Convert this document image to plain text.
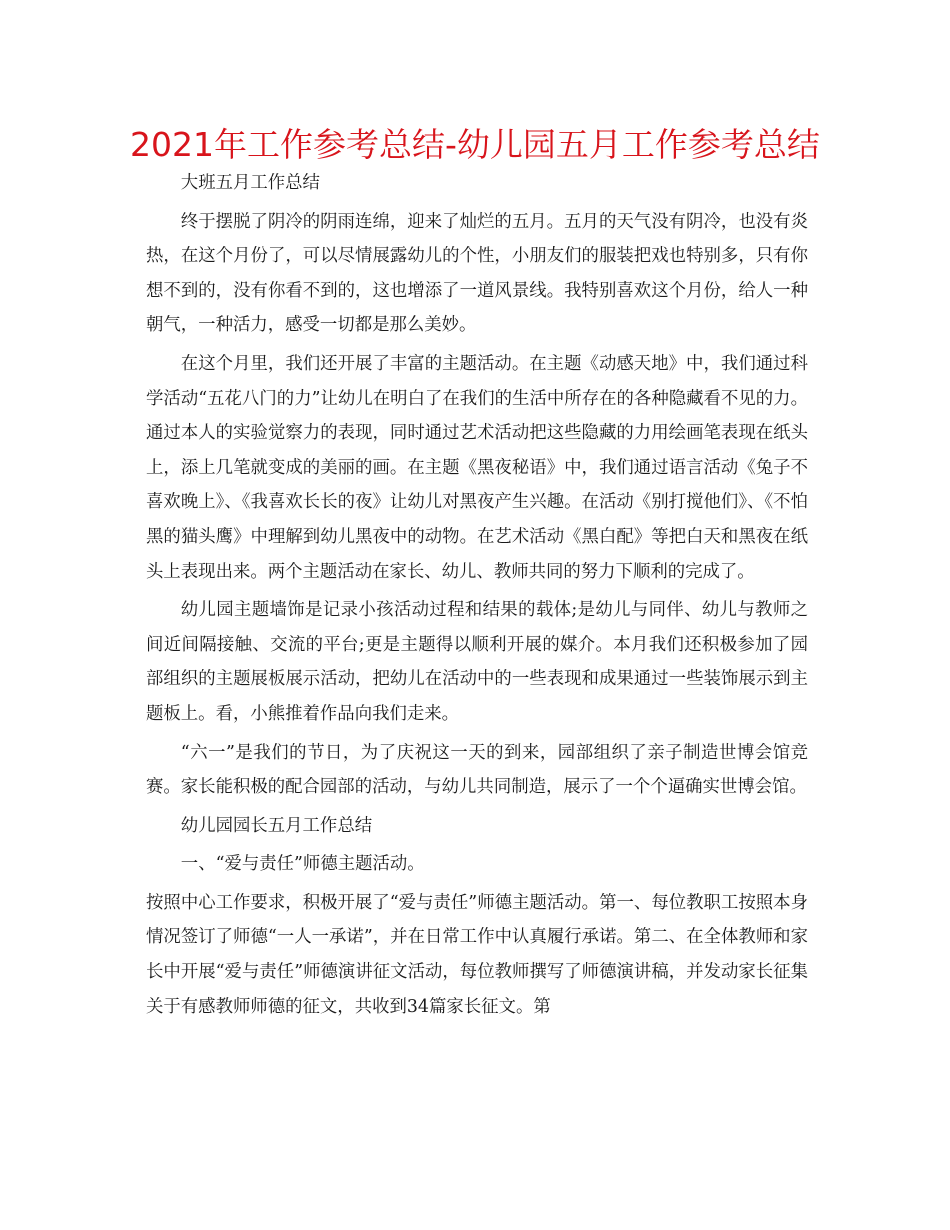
2021年工作参考总结-幼儿园五月工作参考总结

大班五月工作总结

终于摆脱了阴冷的阴雨连绵，迎来了灿烂的五月。五月的天气没有阴冷，也没有炎热，在这个月份了，可以尽情展露幼儿的个性，小朋友们的服装把戏也特别多，只有你想不到的，没有你看不到的，这也增添了一道风景线。我特别喜欢这个月份，给人一种朝气，一种活力，感受一切都是那么美妙。

在这个月里，我们还开展了丰富的主题活动。在主题《动感天地》中，我们通过科学活动“五花八门的力”让幼儿在明白了在我们的生活中所存在的各种隐藏看不见的力。通过本人的实验觉察力的表现，同时通过艺术活动把这些隐藏的力用绘画笔表现在纸头上，添上几笔就变成的美丽的画。在主题《黑夜秘语》中，我们通过语言活动《兔子不喜欢晚上》、《我喜欢长长的夜》让幼儿对黑夜产生兴趣。在活动《别打搅他们》、《不怕黑的猫头鹰》中理解到幼儿黑夜中的动物。在艺术活动《黑白配》等把白天和黑夜在纸头上表现出来。两个主题活动在家长、幼儿、教师共同的努力下顺利的完成了。

幼儿园主题墙饰是记录小孩活动过程和结果的载体;是幼儿与同伴、幼儿与教师之间近间隔接触、交流的平台;更是主题得以顺利开展的媒介。本月我们还积极参加了园部组织的主题展板展示活动，把幼儿在活动中的一些表现和成果通过一些装饰展示到主题板上。看，小熊推着作品向我们走来。

“六一”是我们的节日，为了庆祝这一天的到来，园部组织了亲子制造世博会馆竞赛。家长能积极的配合园部的活动，与幼儿共同制造，展示了一个个逼确实世博会馆。

幼儿园园长五月工作总结

一、“爱与责任”师德主题活动。

按照中心工作要求，积极开展了“爱与责任”师德主题活动。第一、每位教职工按照本身情况签订了师德“一人一承诺”，并在日常工作中认真履行承诺。第二、在全体教师和家长中开展“爱与责任”师德演讲征文活动，每位教师撰写了师德演讲稿，并发动家长征集关于有感教师师德的征文，共收到34篇家长征文。第
